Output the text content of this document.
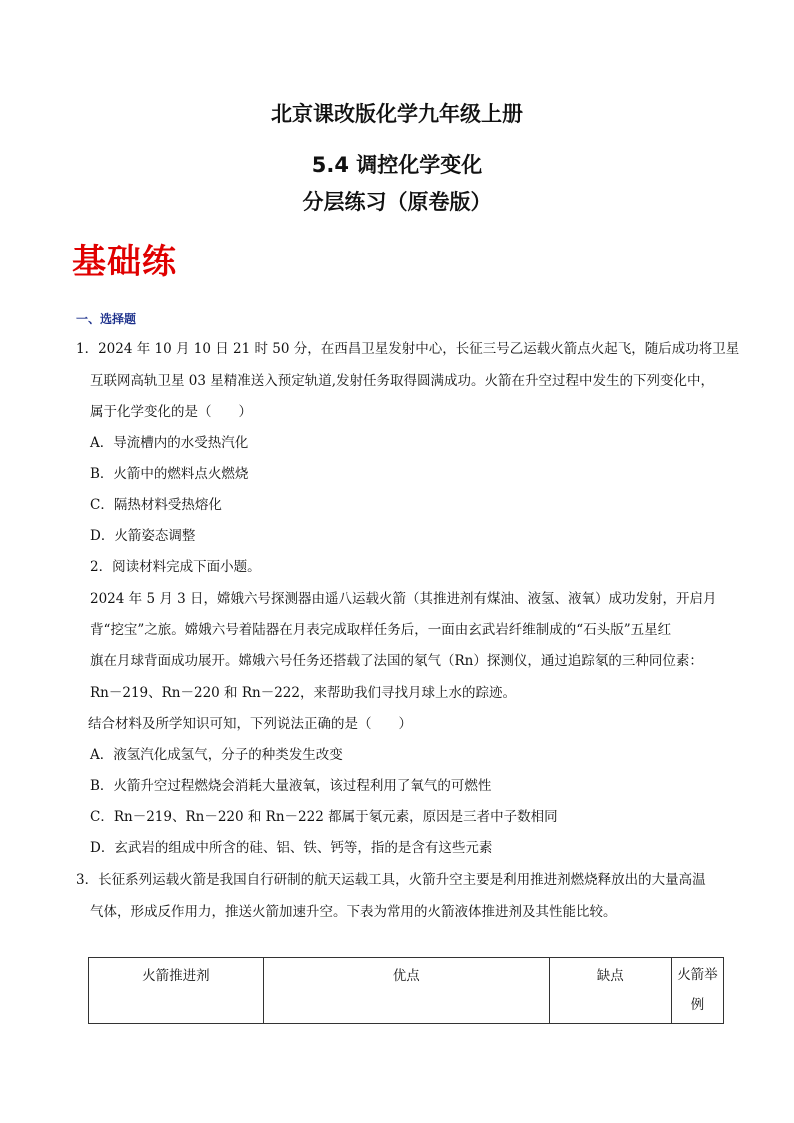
北京课改版化学九年级上册
5.4 调控化学变化
分层练习（原卷版）
基础练
一、选择题
1．2024 年 10 月 10 日 21 时 50 分，在西昌卫星发射中心，长征三号乙运载火箭点火起飞，随后成功将卫星
互联网高轨卫星 03 星精准送入预定轨道,发射任务取得圆满成功。火箭在升空过程中发生的下列变化中，
属于化学变化的是（　　）
A．导流槽内的水受热汽化
B．火箭中的燃料点火燃烧
C．隔热材料受热熔化
D．火箭姿态调整
2．阅读材料完成下面小题。
2024 年 5 月 3 日，嫦娥六号探测器由遥八运载火箭（其推进剂有煤油、液氢、液氧）成功发射，开启月
背“挖宝”之旅。嫦娥六号着陆器在月表完成取样任务后，一面由玄武岩纤维制成的“石头版”五星红
旗在月球背面成功展开。嫦娥六号任务还搭载了法国的氡气（Rn）探测仪，通过追踪氡的三种同位素：
Rn－219、Rn－220 和 Rn－222，来帮助我们寻找月球上水的踪迹。
结合材料及所学知识可知，下列说法正确的是（　　）
A．液氢汽化成氢气，分子的种类发生改变
B．火箭升空过程燃烧会消耗大量液氧，该过程利用了氧气的可燃性
C．Rn－219、Rn－220 和 Rn－222 都属于氡元素，原因是三者中子数相同
D．玄武岩的组成中所含的硅、铝、铁、钙等，指的是含有这些元素
3．长征系列运载火箭是我国自行研制的航天运载工具，火箭升空主要是利用推进剂燃烧释放出的大量高温
气体，形成反作用力，推送火箭加速升空。下表为常用的火箭液体推进剂及其性能比较。
火箭推进剂	优点	缺点	火箭举例
